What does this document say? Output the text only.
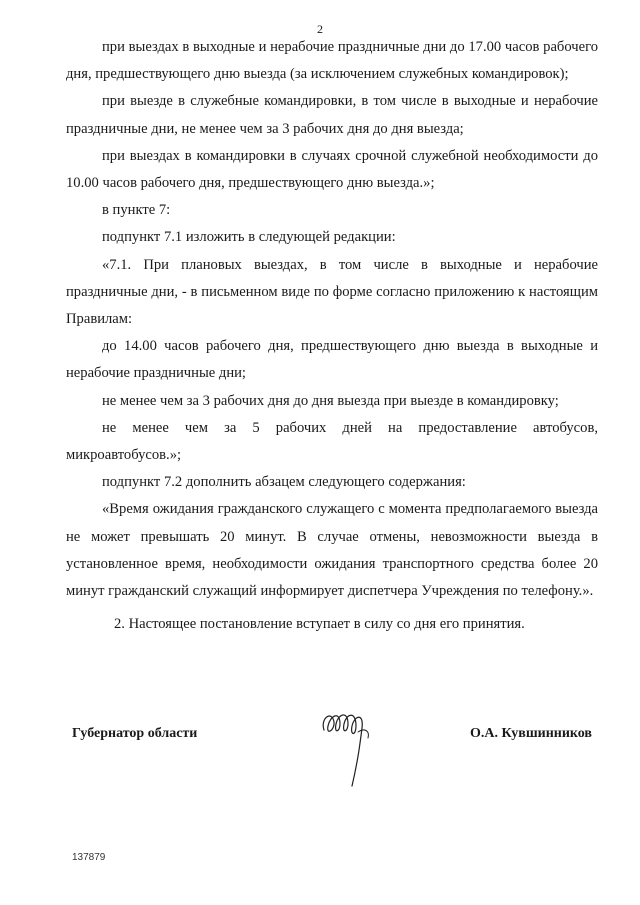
2

при выездах в выходные и нерабочие праздничные дни до 17.00 часов рабочего дня, предшествующего дню выезда (за исключением служебных командировок);

при выезде в служебные командировки, в том числе в выходные и нерабочие праздничные дни, не менее чем за 3 рабочих дня до дня выезда;

при выездах в командировки в случаях срочной служебной необходимости до 10.00 часов рабочего дня, предшествующего дню выезда.»;

в пункте 7:

подпункт 7.1 изложить в следующей редакции:

«7.1. При плановых выездах, в том числе в выходные и нерабочие праздничные дни, - в письменном виде по форме согласно приложению к настоящим Правилам:

до 14.00 часов рабочего дня, предшествующего дню выезда в выходные и нерабочие праздничные дни;

не менее чем за 3 рабочих дня до дня выезда при выезде в командировку;

не менее чем за 5 рабочих дней на предоставление автобусов, микроавтобусов.»;

подпункт 7.2 дополнить абзацем следующего содержания:

«Время ожидания гражданского служащего с момента предполагаемого выезда не может превышать 20 минут. В случае отмены, невозможности выезда в установленное время, необходимости ожидания транспортного средства более 20 минут гражданский служащий информирует диспетчера Учреждения по телефону.».

2. Настоящее постановление вступает в силу со дня его принятия.

Губернатор области	О.А. Кувшинников
137879
